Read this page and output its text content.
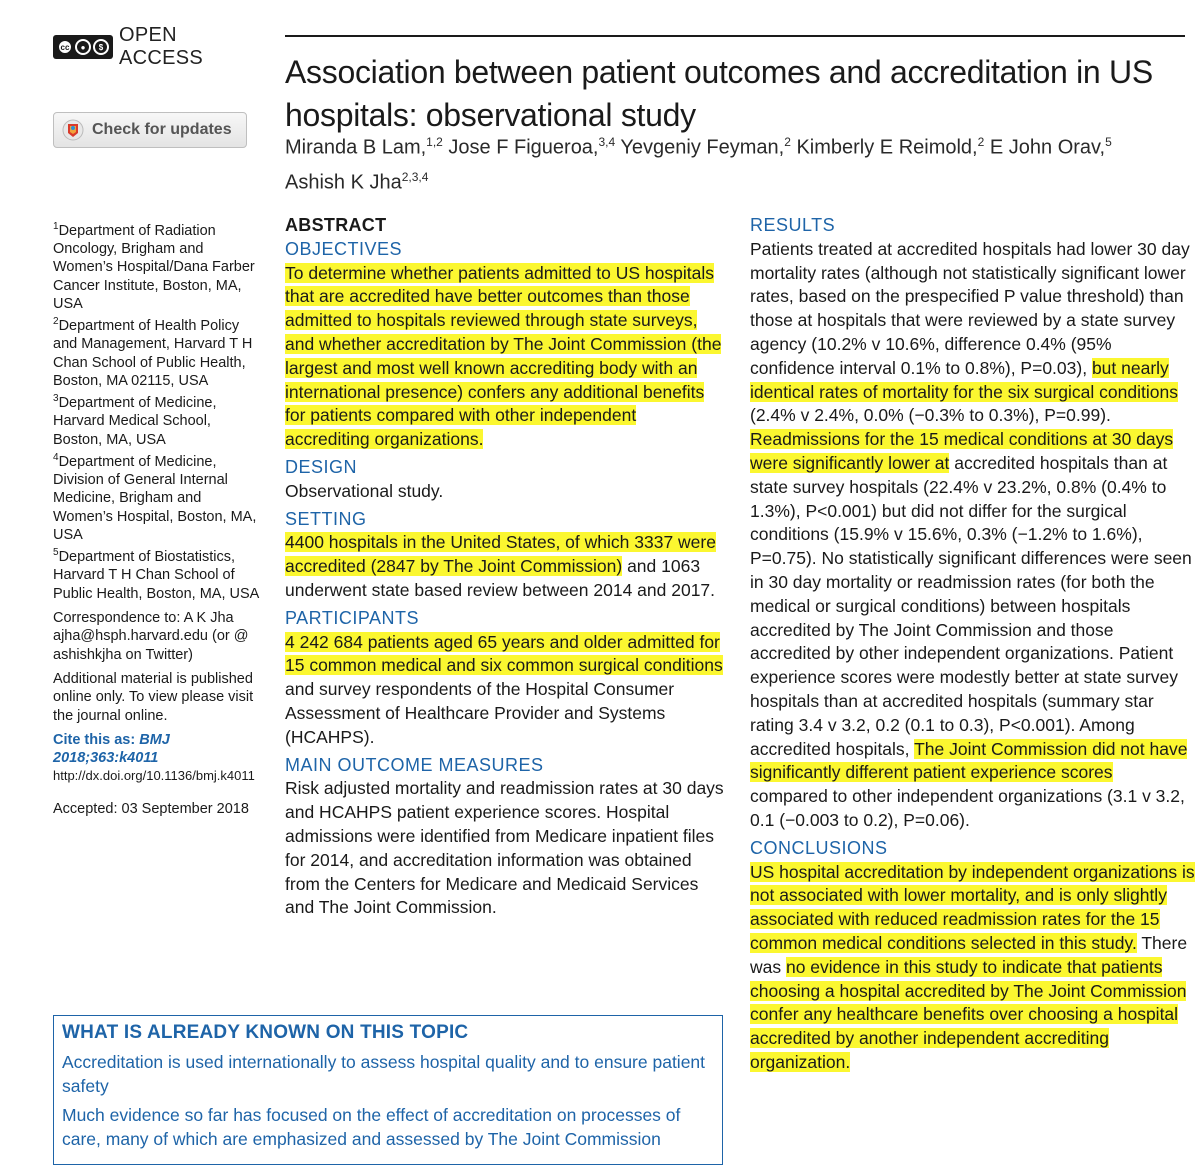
cc	●	$
OPEN ACCESS
Check for updates

$^1$Department of Radiation Oncology, Brigham and Women’s Hospital/Dana Farber Cancer Institute, Boston, MA, USA

$^2$Department of Health Policy and Management, Harvard T H Chan School of Public Health, Boston, MA 02115, USA

$^3$Department of Medicine, Harvard Medical School, Boston, MA, USA

$^4$Department of Medicine, Division of General Internal Medicine, Brigham and Women’s Hospital, Boston, MA, USA

$^5$Department of Biostatistics, Harvard T H Chan School of Public Health, Boston, MA, USA

Correspondence to: A K Jha
ajha@hsph.harvard.edu (or @ ashishkjha on Twitter)

Additional material is published online only. To view please visit the journal online.

Cite this as: BMJ 2018;363:k4011
http://dx.doi.org/10.1136/bmj.k4011

Accepted: 03 September 2018

Association between patient outcomes and accreditation in US hospitals: observational study
Miranda B Lam,$^{1,2}$ Jose F Figueroa,$^{3,4}$ Yevgeniy Feyman,$^2$ Kimberly E Reimold,$^2$ E John Orav,$^5$ Ashish K Jha$^{2,3,4}$
ABSTRACT
OBJECTIVES

To determine whether patients admitted to US hospitals that are accredited have better outcomes than those admitted to hospitals reviewed through state surveys, and whether accreditation by The Joint Commission (the largest and most well known accrediting body with an international presence) confers any additional benefits for patients compared with other independent accrediting organizations.

DESIGN

Observational study.

SETTING

4400 hospitals in the United States, of which 3337 were accredited (2847 by The Joint Commission) and 1063 underwent state based review between 2014 and 2017.

PARTICIPANTS

4 242 684 patients aged 65 years and older admitted for 15 common medical and six common surgical conditions and survey respondents of the Hospital Consumer Assessment of Healthcare Provider and Systems (HCAHPS).

MAIN OUTCOME MEASURES

Risk adjusted mortality and readmission rates at 30 days and HCAHPS patient experience scores. Hospital admissions were identified from Medicare inpatient files for 2014, and accreditation information was obtained from the Centers for Medicare and Medicaid Services and The Joint Commission.

RESULTS

Patients treated at accredited hospitals had lower 30 day mortality rates (although not statistically significant lower rates, based on the prespecified P value threshold) than those at hospitals that were reviewed by a state survey agency (10.2% v 10.6%, difference 0.4% (95% confidence interval 0.1% to 0.8%), P=0.03), but nearly identical rates of mortality for the six surgical conditions (2.4% v 2.4%, 0.0% (−0.3% to 0.3%), P=0.99). Readmissions for the 15 medical conditions at 30 days were significantly lower at accredited hospitals than at state survey hospitals (22.4% v 23.2%, 0.8% (0.4% to 1.3%), P<0.001) but did not differ for the surgical conditions (15.9% v 15.6%, 0.3% (−1.2% to 1.6%), P=0.75). No statistically significant differences were seen in 30 day mortality or readmission rates (for both the medical or surgical conditions) between hospitals accredited by The Joint Commission and those accredited by other independent organizations. Patient experience scores were modestly better at state survey hospitals than at accredited hospitals (summary star rating 3.4 v 3.2, 0.2 (0.1 to 0.3), P<0.001). Among accredited hospitals, The Joint Commission did not have significantly different patient experience scores compared to other independent organizations (3.1 v 3.2, 0.1 (−0.003 to 0.2), P=0.06).

CONCLUSIONS

US hospital accreditation by independent organizations is not associated with lower mortality, and is only slightly associated with reduced readmission rates for the 15 common medical conditions selected in this study. There was no evidence in this study to indicate that patients choosing a hospital accredited by The Joint Commission confer any healthcare benefits over choosing a hospital accredited by another independent accrediting organization.

WHAT IS ALREADY KNOWN ON THIS TOPIC

Accreditation is used internationally to assess hospital quality and to ensure patient safety

Much evidence so far has focused on the effect of accreditation on processes of care, many of which are emphasized and assessed by The Joint Commission
